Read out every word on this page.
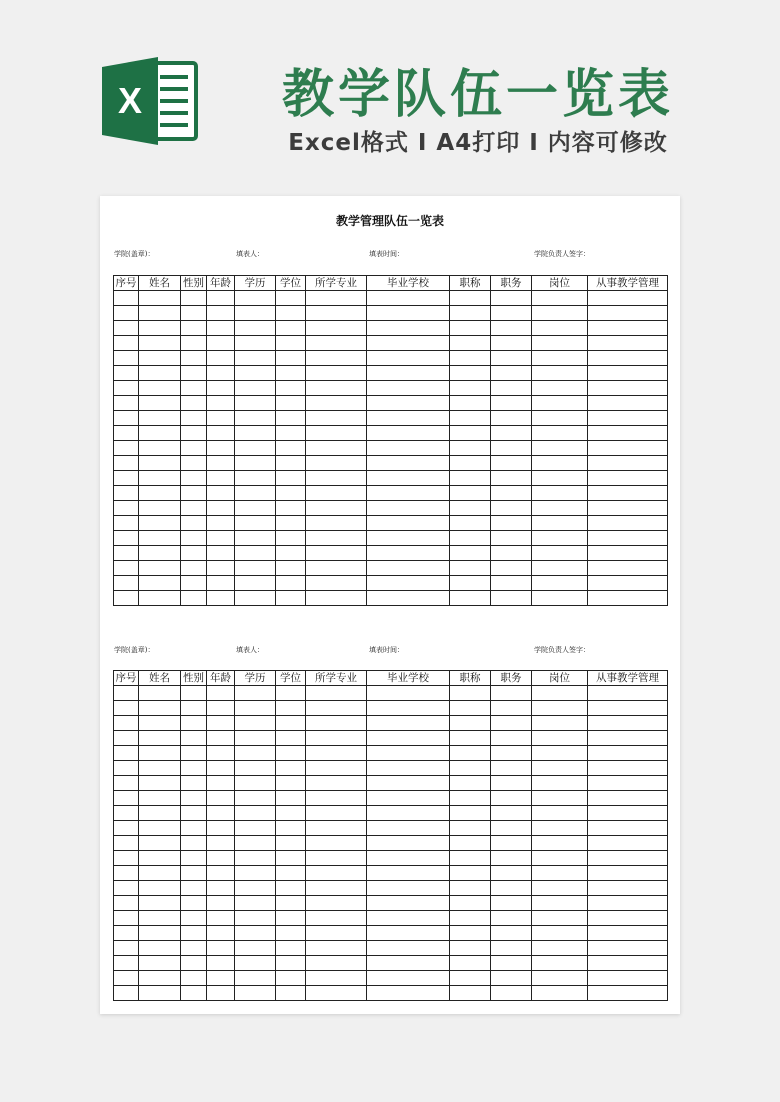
X	教学队伍一览表
Excel格式 I A4打印 I 内容可修改
教学管理队伍一览表
学院(盖章)：	填表人：	填表时间：	学院负责人签字：
序号	姓名	性别	年龄	学历	学位	所学专业	毕业学校	职称	职务	岗位	从事教学管理

学院(盖章)：	填表人：	填表时间：	学院负责人签字：
序号	姓名	性别	年龄	学历	学位	所学专业	毕业学校	职称	职务	岗位	从事教学管理
